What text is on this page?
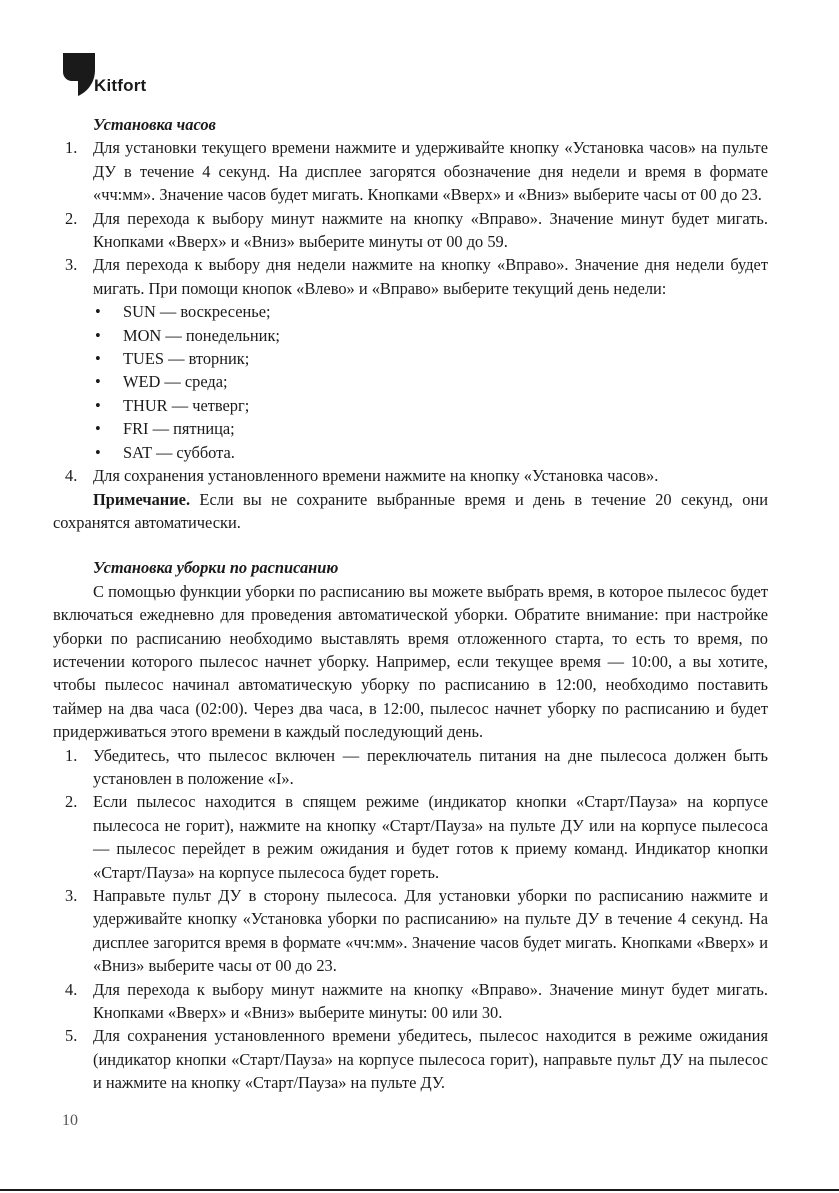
Kitfort

Установка часов

1. Для установки текущего времени нажмите и удерживайте кнопку «Установка часов» на пульте ДУ в течение 4 секунд. На дисплее загорятся обозначение дня недели и время в формате «чч:мм». Значение часов будет мигать. Кнопками «Вверх» и «Вниз» выберите часы от 00 до 23.
2. Для перехода к выбору минут нажмите на кнопку «Вправо». Значение минут будет мигать. Кнопками «Вверх» и «Вниз» выберите минуты от 00 до 59.
3. Для перехода к выбору дня недели нажмите на кнопку «Вправо». Значение дня недели будет мигать. При помощи кнопок «Влево» и «Вправо» выберите текущий день недели:
• SUN — воскресенье;
• MON — понедельник;
• TUES — вторник;
• WED — среда;
• THUR — четверг;
• FRI — пятница;
• SAT — суббота.
4. Для сохранения установленного времени нажмите на кнопку «Установка часов».

Примечание. Если вы не сохраните выбранные время и день в течение 20 секунд, они сохранятся автоматически.

Установка уборки по расписанию

С помощью функции уборки по расписанию вы можете выбрать время, в которое пылесос будет включаться ежедневно для проведения автоматической уборки. Обратите внимание: при настройке уборки по расписанию необходимо выставлять время отложенного старта, то есть то время, по истечении которого пылесос начнет уборку. Например, если текущее время — 10:00, а вы хотите, чтобы пылесос начинал автоматическую уборку по расписанию в 12:00, необходимо поставить таймер на два часа (02:00). Через два часа, в 12:00, пылесос начнет уборку по расписанию и будет придерживаться этого времени в каждый последующий день.

1. Убедитесь, что пылесос включен — переключатель питания на дне пылесоса должен быть установлен в положение «I».
2. Если пылесос находится в спящем режиме (индикатор кнопки «Старт/Пауза» на корпусе пылесоса не горит), нажмите на кнопку «Старт/Пауза» на пульте ДУ или на корпусе пылесоса — пылесос перейдет в режим ожидания и будет готов к приему команд. Индикатор кнопки «Старт/Пауза» на корпусе пылесоса будет гореть.
3. Направьте пульт ДУ в сторону пылесоса. Для установки уборки по расписанию нажмите и удерживайте кнопку «Установка уборки по расписанию» на пульте ДУ в течение 4 секунд. На дисплее загорится время в формате «чч:мм». Значение часов будет мигать. Кнопками «Вверх» и «Вниз» выберите часы от 00 до 23.
4. Для перехода к выбору минут нажмите на кнопку «Вправо». Значение минут будет мигать. Кнопками «Вверх» и «Вниз» выберите минуты: 00 или 30.
5. Для сохранения установленного времени убедитесь, пылесос находится в режиме ожидания (индикатор кнопки «Старт/Пауза» на корпусе пылесоса горит), направьте пульт ДУ на пылесос и нажмите на кнопку «Старт/Пауза» на пульте ДУ.
10
